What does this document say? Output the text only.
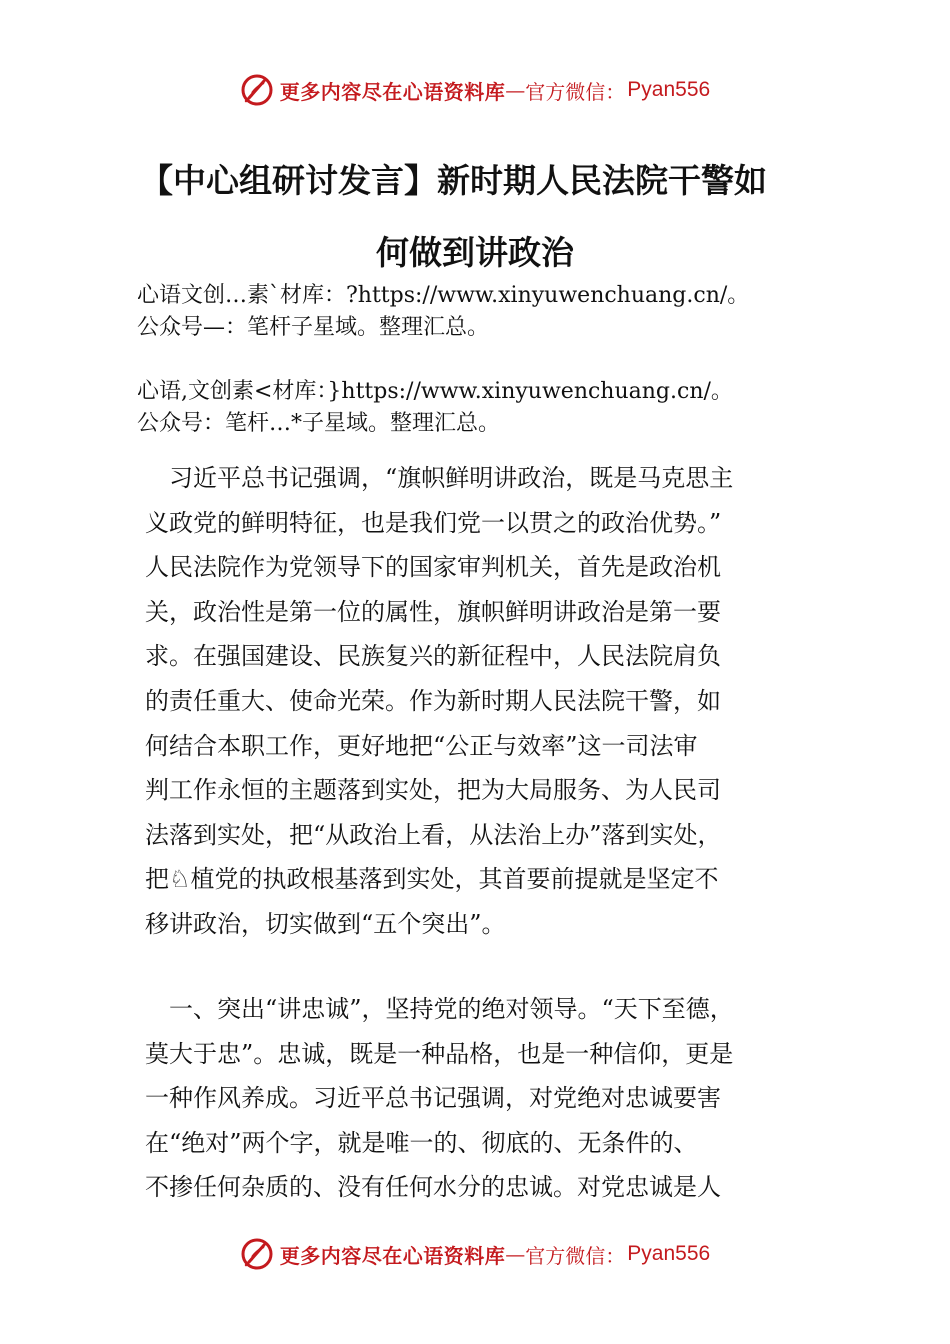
更多内容尽在心语资料库 — 官方微信： Pyan556
【中心组研讨发言】新时期人民法院干警如
何做到讲政治
心语文创…素`材库：?https://www.xinyuwenchuang.cn/。
公众号—：笔杆子星域。整理汇总。
心语,文创素<材库：}https://www.xinyuwenchuang.cn/。
公众号：笔杆…*子星域。整理汇总。
　习近平总书记强调，“旗帜鲜明讲政治，既是马克思主
义政党的鲜明特征，也是我们党一以贯之的政治优势。”
人民法院作为党领导下的国家审判机关，首先是政治机
关，政治性是第一位的属性，旗帜鲜明讲政治是第一要
求。在强国建设、民族复兴的新征程中，人民法院肩负
的责任重大、使命光荣。作为新时期人民法院干警，如
何结合本职工作，更好地把“公正与效率”这一司法审
判工作永恒的主题落到实处，把为大局服务、为人民司
法落到实处，把“从政治上看，从法治上办”落到实处，
把♘植党的执政根基落到实处，其首要前提就是坚定不
移讲政治，切实做到“五个突出”。
　一、突出“讲忠诚”，坚持党的绝对领导。“天下至德，
莫大于忠”。忠诚，既是一种品格，也是一种信仰，更是
一种作风养成。习近平总书记强调，对党绝对忠诚要害
在“绝对”两个字，就是唯一的、彻底的、无条件的、
不掺任何杂质的、没有任何水分的忠诚。对党忠诚是人
更多内容尽在心语资料库 — 官方微信： Pyan556
